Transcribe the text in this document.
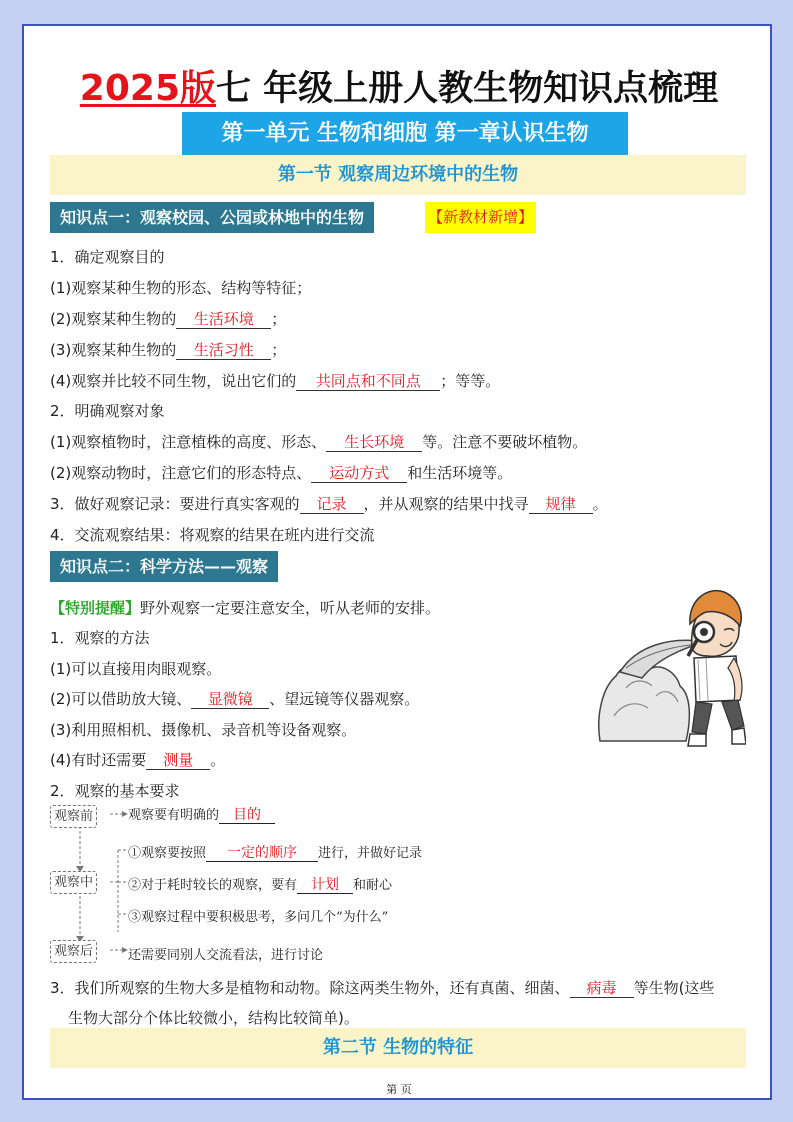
2025版七 年级上册人教生物知识点梳理
第一单元 生物和细胞 第一章认识生物
第一节 观察周边环境中的生物
知识点一：观察校园、公园或林地中的生物	【新教材新增】
1．确定观察目的
(1)观察某种生物的形态、结构等特征；
(2)观察某种生物的 生活环境 ；
(3)观察某种生物的 生活习性 ；
(4)观察并比较不同生物，说出它们的 共同点和不同点 ；等等。
2．明确观察对象
(1)观察植物时，注意植株的高度、形态、 生长环境 等。注意不要破坏植物。
(2)观察动物时，注意它们的形态特点、 运动方式 和生活环境等。
3．做好观察记录：要进行真实客观的 记录 ，并从观察的结果中找寻 规律 。
4．交流观察结果：将观察的结果在班内进行交流
知识点二：科学方法——观察
【特别提醒】野外观察一定要注意安全，听从老师的安排。
1．观察的方法
(1)可以直接用肉眼观察。
(2)可以借助放大镜、 显微镜 、望远镜等仪器观察。
(3)利用照相机、摄像机、录音机等设备观察。
(4)有时还需要 测量 。
2．观察的基本要求
观察前
观察中
观察后
观察要有明确的 目的
①观察要按照 一定的顺序 进行，并做好记录
②对于耗时较长的观察，要有 计划 和耐心
③观察过程中要积极思考，多问几个“为什么”
还需要同别人交流看法，进行讨论
3．我们所观察的生物大多是植物和动物。除这两类生物外，还有真菌、细菌、 病毒 等生物(这些
生物大部分个体比较微小，结构比较简单)。
第二节 生物的特征
第 页
